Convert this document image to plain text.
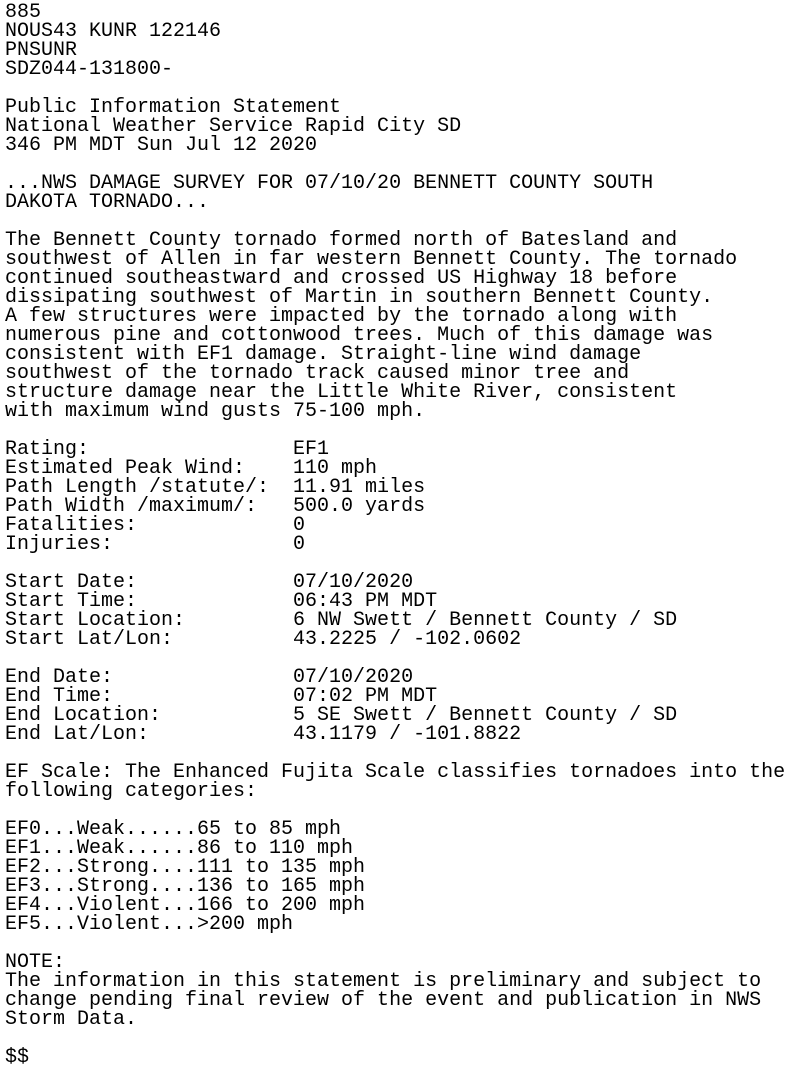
885
NOUS43 KUNR 122146
PNSUNR
SDZ044-131800-
Public Information Statement
National Weather Service Rapid City SD
346 PM MDT Sun Jul 12 2020
...NWS DAMAGE SURVEY FOR 07/10/20 BENNETT COUNTY SOUTH
DAKOTA TORNADO...
The Bennett County tornado formed north of Batesland and
southwest of Allen in far western Bennett County. The tornado
continued southeastward and crossed US Highway 18 before
dissipating southwest of Martin in southern Bennett County.
A few structures were impacted by the tornado along with
numerous pine and cottonwood trees. Much of this damage was
consistent with EF1 damage. Straight-line wind damage
southwest of the tornado track caused minor tree and
structure damage near the Little White River, consistent
with maximum wind gusts 75-100 mph.
Rating:                 EF1
Estimated Peak Wind:    110 mph
Path Length /statute/:  11.91 miles
Path Width /maximum/:   500.0 yards
Fatalities:             0
Injuries:               0
Start Date:             07/10/2020
Start Time:             06:43 PM MDT
Start Location:         6 NW Swett / Bennett County / SD
Start Lat/Lon:          43.2225 / -102.0602
End Date:               07/10/2020
End Time:               07:02 PM MDT
End Location:           5 SE Swett / Bennett County / SD
End Lat/Lon:            43.1179 / -101.8822
EF Scale: The Enhanced Fujita Scale classifies tornadoes into the
following categories:
EF0...Weak......65 to 85 mph
EF1...Weak......86 to 110 mph
EF2...Strong....111 to 135 mph
EF3...Strong....136 to 165 mph
EF4...Violent...166 to 200 mph
EF5...Violent...>200 mph
NOTE:
The information in this statement is preliminary and subject to
change pending final review of the event and publication in NWS
Storm Data.
$$
